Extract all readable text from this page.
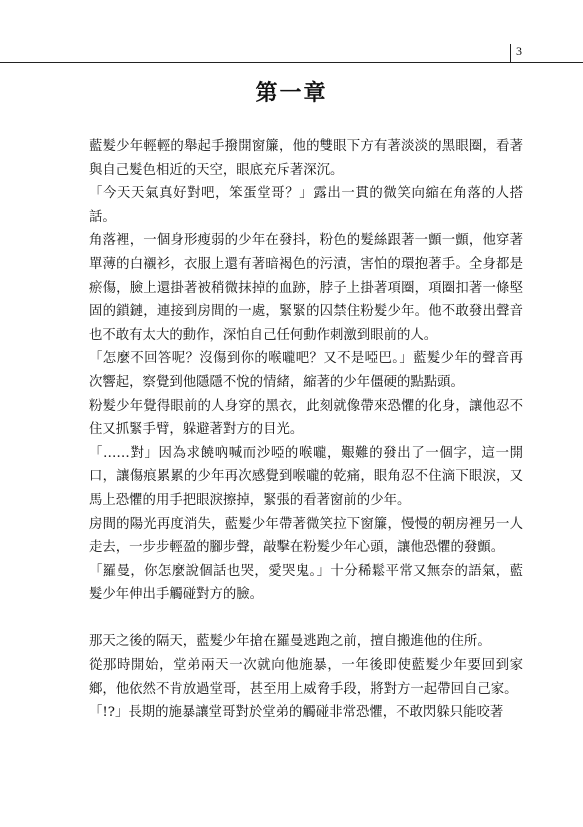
3
第一章

藍髮少年輕輕的舉起手撥開窗簾，他的雙眼下方有著淡淡的黑眼圈，看著與自己髮色相近的天空，眼底充斥著深沉。

「今天天氣真好對吧，笨蛋堂哥？」露出一貫的微笑向縮在角落的人搭話。

角落裡，一個身形瘦弱的少年在發抖，粉色的髮絲跟著一顫一顫，他穿著單薄的白襯衫，衣服上還有著暗褐色的污漬，害怕的環抱著手。全身都是瘀傷，臉上還掛著被稍微抹掉的血跡，脖子上掛著項圈，項圈扣著一條堅固的鎖鏈，連接到房間的一處，緊緊的囚禁住粉髮少年。他不敢發出聲音也不敢有太大的動作，深怕自己任何動作刺激到眼前的人。

「怎麼不回答呢？沒傷到你的喉嚨吧？又不是啞巴。」藍髮少年的聲音再次響起，察覺到他隱隱不悅的情緒，縮著的少年僵硬的點點頭。

粉髮少年覺得眼前的人身穿的黑衣，此刻就像帶來恐懼的化身，讓他忍不住又抓緊手臂，躲避著對方的目光。

「……對」因為求饒吶喊而沙啞的喉嚨，艱難的發出了一個字，這一開口，讓傷痕累累的少年再次感覺到喉嚨的乾痛，眼角忍不住滴下眼淚，又馬上恐懼的用手把眼淚擦掉，緊張的看著窗前的少年。

房間的陽光再度消失，藍髮少年帶著微笑拉下窗簾，慢慢的朝房裡另一人走去，一步步輕盈的腳步聲，敲擊在粉髮少年心頭，讓他恐懼的發顫。

「羅曼，你怎麼說個話也哭，愛哭鬼。」十分稀鬆平常又無奈的語氣，藍髮少年伸出手觸碰對方的臉。

那天之後的隔天，藍髮少年搶在羅曼逃跑之前，擅自搬進他的住所。

從那時開始，堂弟兩天一次就向他施暴，一年後即使藍髮少年要回到家鄉，他依然不肯放過堂哥，甚至用上威脅手段，將對方一起帶回自己家。

「!?」長期的施暴讓堂哥對於堂弟的觸碰非常恐懼，不敢閃躲只能咬著
